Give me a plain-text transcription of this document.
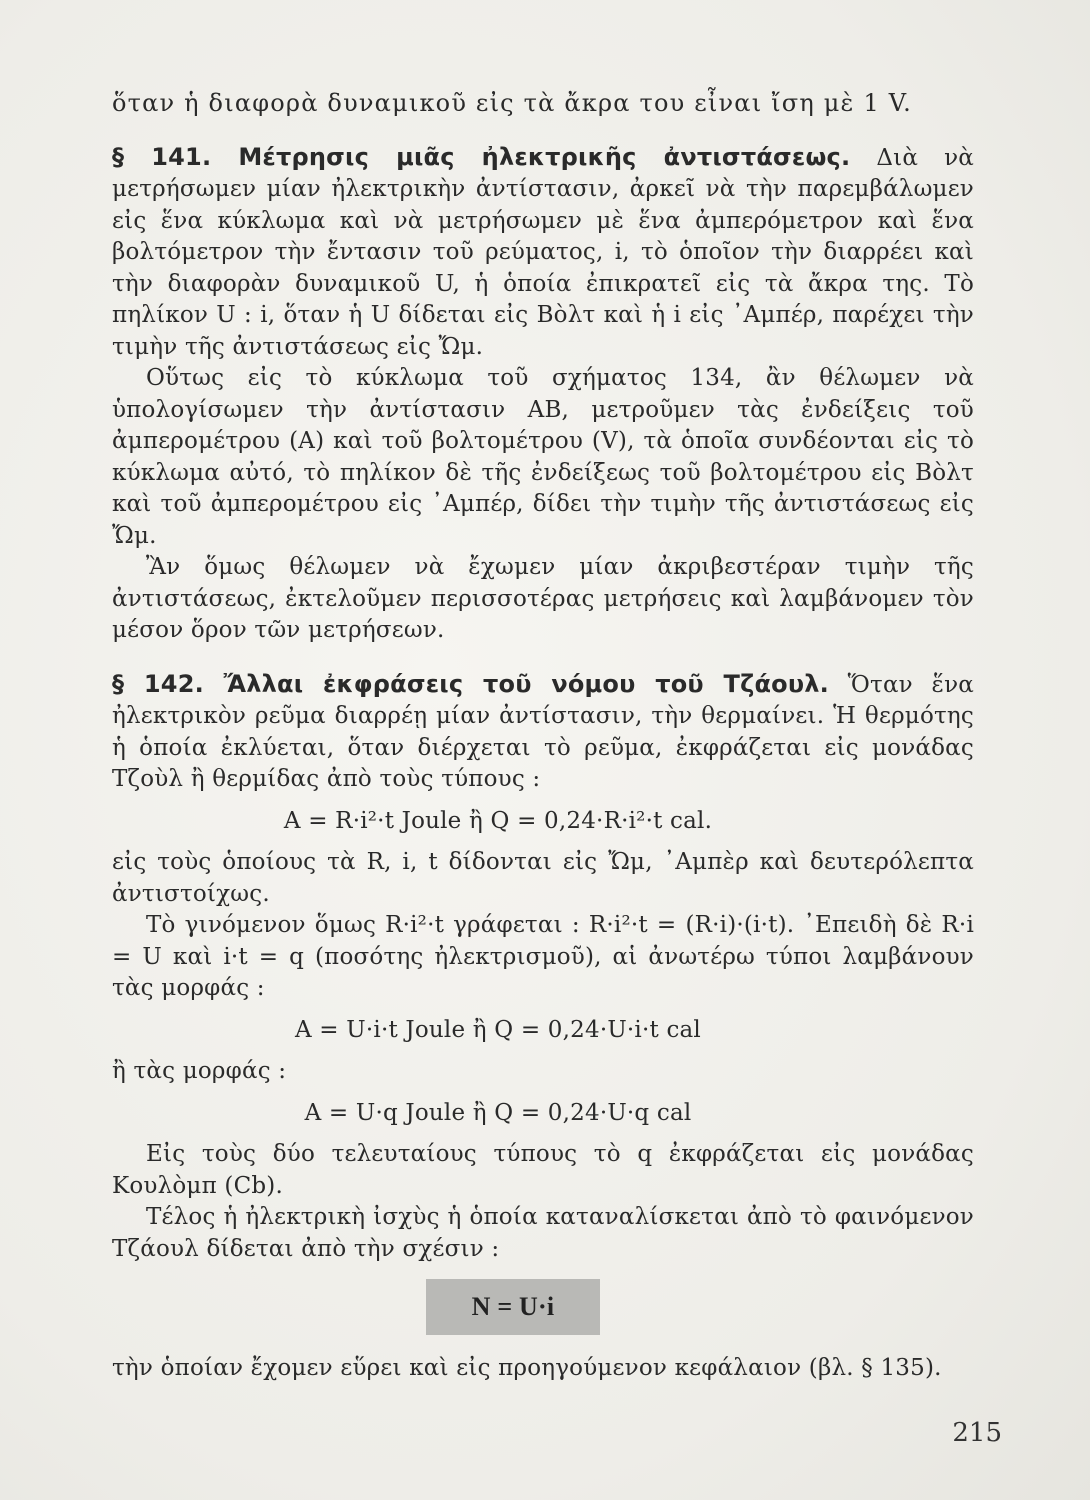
ὅταν ἡ διαφορὰ δυναμικοῦ εἰς τὰ ἄκρα του εἶναι ἴση μὲ 1 V.

§ 141. Μέτρησις μιᾶς ἠλεκτρικῆς ἀντιστάσεως. Διὰ νὰ μετρήσωμεν μίαν ἠλεκτρικὴν ἀντίστασιν, ἀρκεῖ νὰ τὴν παρεμβάλωμεν εἰς ἕνα κύκλωμα καὶ νὰ μετρήσωμεν μὲ ἕνα ἀμπερόμετρον καὶ ἕνα βολτόμετρον τὴν ἔντασιν τοῦ ρεύματος, i, τὸ ὁποῖον τὴν διαρρέει καὶ τὴν διαφορὰν δυναμικοῦ U, ἡ ὁποία ἐπικρατεῖ εἰς τὰ ἄκρα της. Τὸ πηλίκον U : i, ὅταν ἡ U δίδεται εἰς Βὸλτ καὶ ἡ i εἰς ᾿Αμπέρ, παρέχει τὴν τιμὴν τῆς ἀντιστάσεως εἰς Ὤμ.

Οὕτως εἰς τὸ κύκλωμα τοῦ σχήματος 134, ἂν θέλωμεν νὰ ὑπολογίσωμεν τὴν ἀντίστασιν ΑΒ, μετροῦμεν τὰς ἐνδείξεις τοῦ ἀμπερομέτρου (Α) καὶ τοῦ βολτομέτρου (V), τὰ ὁποῖα συνδέονται εἰς τὸ κύκλωμα αὐτό, τὸ πηλίκον δὲ τῆς ἐνδείξεως τοῦ βολτομέτρου εἰς Βὸλτ καὶ τοῦ ἀμπερομέτρου εἰς ᾿Αμπέρ, δίδει τὴν τιμὴν τῆς ἀντιστάσεως εἰς Ὤμ.

Ἂν ὅμως θέλωμεν νὰ ἔχωμεν μίαν ἀκριβεστέραν τιμὴν τῆς ἀντιστάσεως, ἐκτελοῦμεν περισσοτέρας μετρήσεις καὶ λαμβάνομεν τὸν μέσον ὅρον τῶν μετρήσεων.

§ 142. Ἄλλαι ἐκφράσεις τοῦ νόμου τοῦ Τζάουλ. Ὅταν ἕνα ἠλεκτρικὸν ρεῦμα διαρρέῃ μίαν ἀντίστασιν, τὴν θερμαίνει. Ἡ θερμότης ἡ ὁποία ἐκλύεται, ὅταν διέρχεται τὸ ρεῦμα, ἐκφράζεται εἰς μονάδας Τζοὺλ ἢ θερμίδας ἀπὸ τοὺς τύπους :

A = R·i²·t Joule ἢ Q = 0,24·R·i²·t cal.

εἰς τοὺς ὁποίους τὰ R, i, t δίδονται εἰς Ὤμ, ᾿Αμπὲρ καὶ δευτερόλεπτα ἀντιστοίχως.

Τὸ γινόμενον ὅμως R·i²·t γράφεται : R·i²·t = (R·i)·(i·t). ᾿Επειδὴ δὲ R·i = U καὶ i·t = q (ποσότης ἠλεκτρισμοῦ), αἱ ἀνωτέρω τύποι λαμβάνουν τὰς μορφάς :

A = U·i·t Joule ἢ Q = 0,24·U·i·t cal

ἢ τὰς μορφάς :

A = U·q Joule ἢ Q = 0,24·U·q cal

Εἰς τοὺς δύο τελευταίους τύπους τὸ q ἐκφράζεται εἰς μονάδας Κουλὸμπ (Cb).

Τέλος ἡ ἠλεκτρικὴ ἰσχὺς ἡ ὁποία καταναλίσκεται ἀπὸ τὸ φαινόμενον Τζάουλ δίδεται ἀπὸ τὴν σχέσιν :

N = U·i

τὴν ὁποίαν ἔχομεν εὕρει καὶ εἰς προηγούμενον κεφάλαιον (βλ. § 135).

215
